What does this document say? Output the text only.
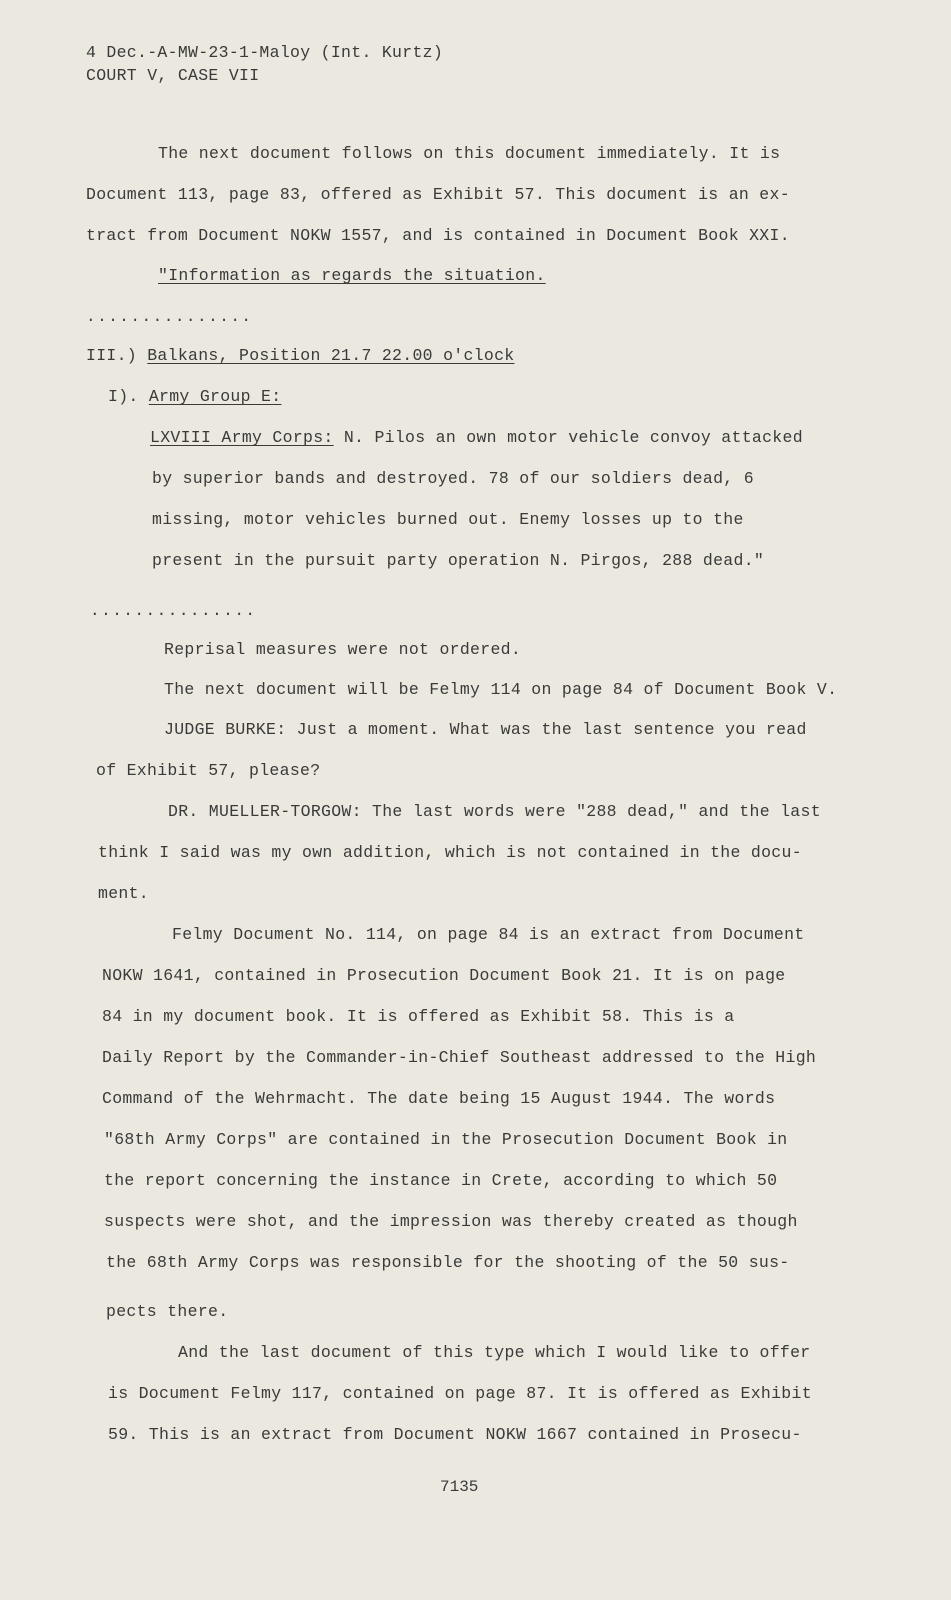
4 Dec.-A-MW-23-1-Maloy (Int. Kurtz)
COURT V, CASE VII
The next document follows on this document immediately. It is
Document 113, page 83, offered as Exhibit 57. This document is an ex-
tract from Document NOKW 1557, and is contained in Document Book XXI.
"Information as regards the situation.
...............
III.) Balkans, Position 21.7 22.00 o'clock
I). Army Group E:
LXVIII Army Corps: N. Pilos an own motor vehicle convoy attacked
by superior bands and destroyed. 78 of our soldiers dead, 6
missing, motor vehicles burned out. Enemy losses up to the
present in the pursuit party operation N. Pirgos, 288 dead."
...............
Reprisal measures were not ordered.
The next document will be Felmy 114 on page 84 of Document Book V.
JUDGE BURKE: Just a moment. What was the last sentence you read
of Exhibit 57, please?
DR. MUELLER-TORGOW: The last words were "288 dead," and the last
think I said was my own addition, which is not contained in the docu-
ment.
Felmy Document No. 114, on page 84 is an extract from Document
NOKW 1641, contained in Prosecution Document Book 21. It is on page
84 in my document book. It is offered as Exhibit 58. This is a
Daily Report by the Commander-in-Chief Southeast addressed to the High
Command of the Wehrmacht. The date being 15 August 1944. The words
"68th Army Corps" are contained in the Prosecution Document Book in
the report concerning the instance in Crete, according to which 50
suspects were shot, and the impression was thereby created as though
the 68th Army Corps was responsible for the shooting of the 50 sus-
pects there.
And the last document of this type which I would like to offer
is Document Felmy 117, contained on page 87. It is offered as Exhibit
59. This is an extract from Document NOKW 1667 contained in Prosecu-
7135
